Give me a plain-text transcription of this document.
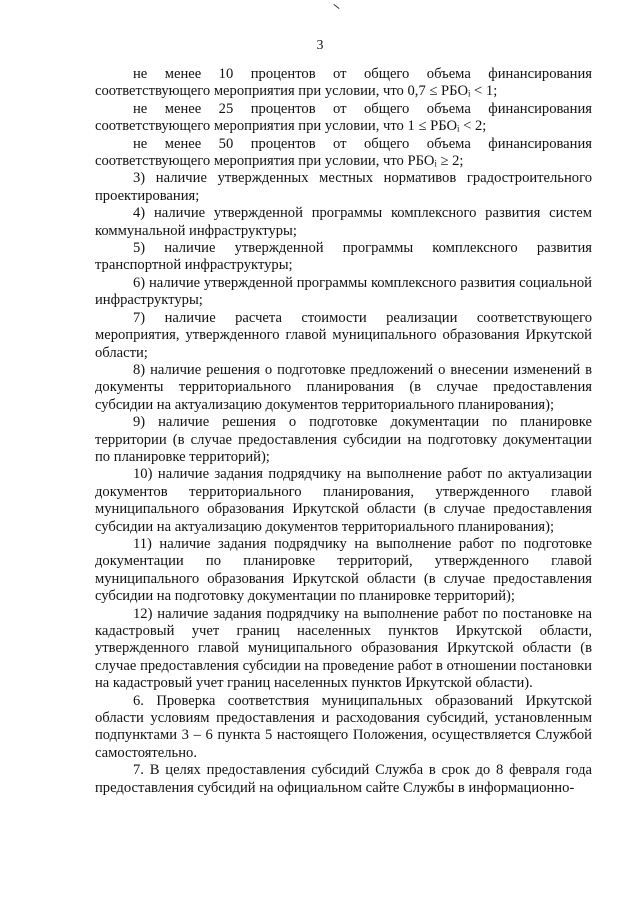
3

не менее 10 процентов от общего объема финансирования соответствующего мероприятия при условии, что 0,7 ≤ РБОᵢ < 1;

не менее 25 процентов от общего объема финансирования соответствующего мероприятия при условии, что 1 ≤ РБОᵢ < 2;

не менее 50 процентов от общего объема финансирования соответствующего мероприятия при условии, что РБОᵢ ≥ 2;

3) наличие утвержденных местных нормативов градостроительного проектирования;

4) наличие утвержденной программы комплексного развития систем коммунальной инфраструктуры;

5) наличие утвержденной программы комплексного развития транспортной инфраструктуры;

6) наличие утвержденной программы комплексного развития социальной инфраструктуры;

7) наличие расчета стоимости реализации соответствующего мероприятия, утвержденного главой муниципального образования Иркутской области;

8) наличие решения о подготовке предложений о внесении изменений в документы территориального планирования (в случае предоставления субсидии на актуализацию документов территориального планирования);

9) наличие решения о подготовке документации по планировке территории (в случае предоставления субсидии на подготовку документации по планировке территорий);

10) наличие задания подрядчику на выполнение работ по актуализации документов территориального планирования, утвержденного главой муниципального образования Иркутской области (в случае предоставления субсидии на актуализацию документов территориального планирования);

11) наличие задания подрядчику на выполнение работ по подготовке документации по планировке территорий, утвержденного главой муниципального образования Иркутской области (в случае предоставления субсидии на подготовку документации по планировке территорий);

12) наличие задания подрядчику на выполнение работ по постановке на кадастровый учет границ населенных пунктов Иркутской области, утвержденного главой муниципального образования Иркутской области (в случае предоставления субсидии на проведение работ в отношении постановки на кадастровый учет границ населенных пунктов Иркутской области).

6. Проверка соответствия муниципальных образований Иркутской области условиям предоставления и расходования субсидий, установленным подпунктами 3 – 6 пункта 5 настоящего Положения, осуществляется Службой самостоятельно.

7. В целях предоставления субсидий Служба в срок до 8 февраля года предоставления субсидий на официальном сайте Службы в информационно-
